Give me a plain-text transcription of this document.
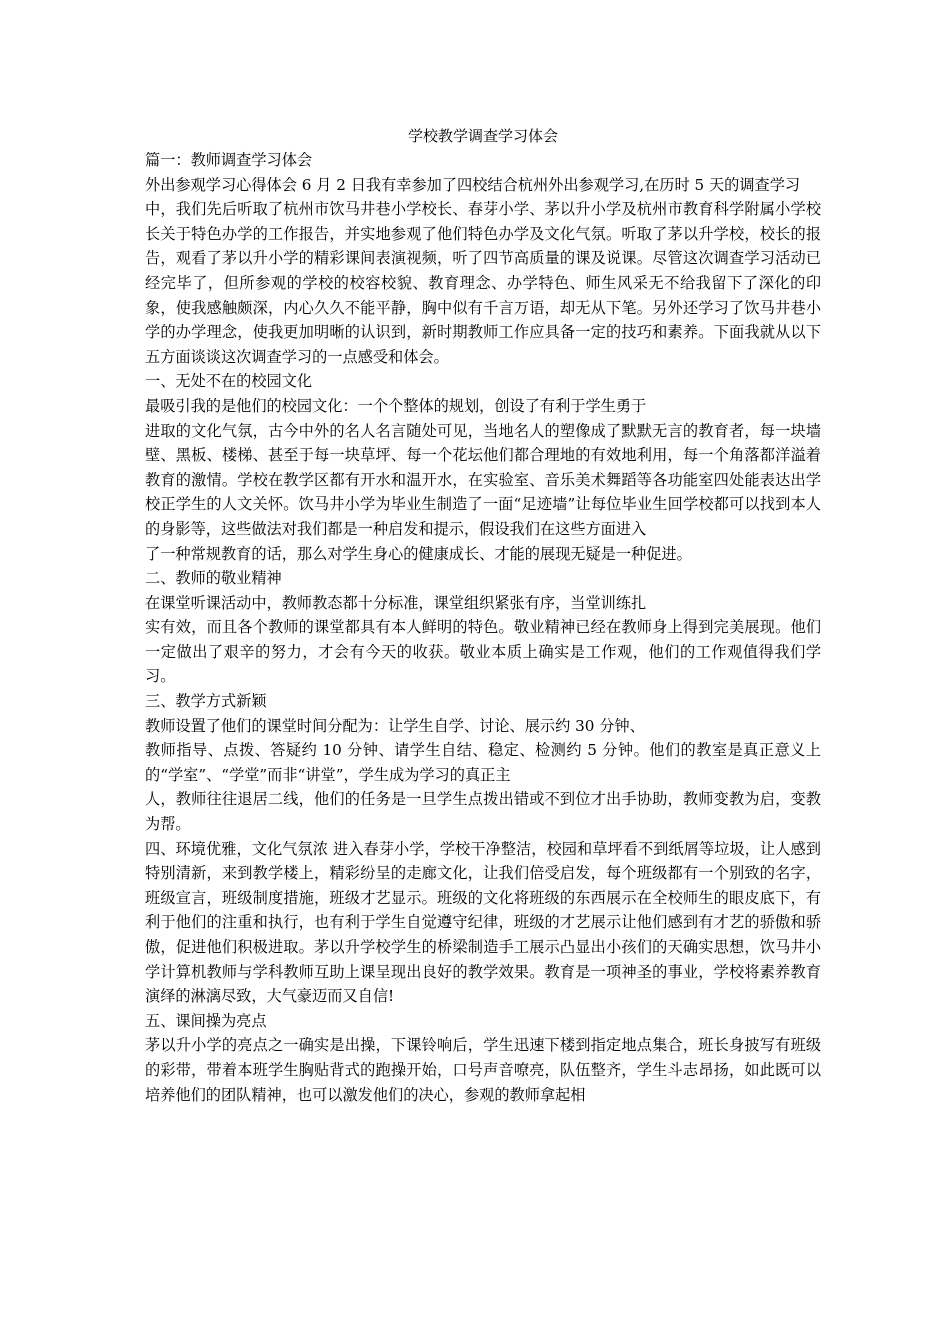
学校教学调查学习体会

篇一：教师调查学习体会

外出参观学习心得体会 6 月 2 日我有幸参加了四校结合杭州外出参观学习,在历时 5 天的调查学习

中，我们先后听取了杭州市饮马井巷小学校长、春芽小学、茅以升小学及杭州市教育科学附属小学校长关于特色办学的工作报告，并实地参观了他们特色办学及文化气氛。听取了茅以升学校，校长的报告，观看了茅以升小学的精彩课间表演视频，听了四节高质量的课及说课。尽管这次调查学习活动已经完毕了，但所参观的学校的校容校貌、教育理念、办学特色、师生风采无不给我留下了深化的印象，使我感触颇深，内心久久不能平静，胸中似有千言万语，却无从下笔。另外还学习了饮马井巷小学的办学理念，使我更加明晰的认识到，新时期教师工作应具备一定的技巧和素养。下面我就从以下五方面谈谈这次调查学习的一点感受和体会。

一、无处不在的校园文化

最吸引我的是他们的校园文化：一个个整体的规划，创设了有利于学生勇于

进取的文化气氛，古今中外的名人名言随处可见，当地名人的塑像成了默默无言的教育者，每一块墙壁、黑板、楼梯、甚至于每一块草坪、每一个花坛他们都合理地的有效地利用，每一个角落都洋溢着教育的激情。学校在教学区都有开水和温开水，在实验室、音乐美术舞蹈等各功能室四处能表达出学校正学生的人文关怀。饮马井小学为毕业生制造了一面“足迹墙”让每位毕业生回学校都可以找到本人的身影等，这些做法对我们都是一种启发和提示，假设我们在这些方面进入

了一种常规教育的话，那么对学生身心的健康成长、才能的展现无疑是一种促进。

二、教师的敬业精神

在课堂听课活动中，教师教态都十分标准，课堂组织紧张有序，当堂训练扎

实有效，而且各个教师的课堂都具有本人鲜明的特色。敬业精神已经在教师身上得到完美展现。他们一定做出了艰辛的努力，才会有今天的收获。敬业本质上确实是工作观，他们的工作观值得我们学习。

三、教学方式新颖

教师设置了他们的课堂时间分配为：让学生自学、讨论、展示约 30 分钟、

教师指导、点拨、答疑约 10 分钟、请学生自结、稳定、检测约 5 分钟。他们的教室是真正意义上的“学室”、“学堂”而非“讲堂”，学生成为学习的真正主

人，教师往往退居二线，他们的任务是一旦学生点拨出错或不到位才出手协助，教师变教为启，变教为帮。

四、环境优雅，文化气氛浓 进入春芽小学，学校干净整洁，校园和草坪看不到纸屑等垃圾，让人感到特别清新，来到教学楼上，精彩纷呈的走廊文化，让我们倍受启发，每个班级都有一个别致的名字，班级宣言，班级制度措施，班级才艺显示。班级的文化将班级的东西展示在全校师生的眼皮底下，有利于他们的注重和执行，也有利于学生自觉遵守纪律，班级的才艺展示让他们感到有才艺的骄傲和骄傲，促进他们积极进取。茅以升学校学生的桥梁制造手工展示凸显出小孩们的天确实思想，饮马井小学计算机教师与学科教师互助上课呈现出良好的教学效果。教育是一项神圣的事业，学校将素养教育演绎的淋漓尽致，大气豪迈而又自信!

五、课间操为亮点

茅以升小学的亮点之一确实是出操，下课铃响后，学生迅速下楼到指定地点集合，班长身披写有班级的彩带，带着本班学生胸贴背式的跑操开始，口号声音嘹亮，队伍整齐，学生斗志昂扬，如此既可以培养他们的团队精神，也可以激发他们的决心，参观的教师拿起相
